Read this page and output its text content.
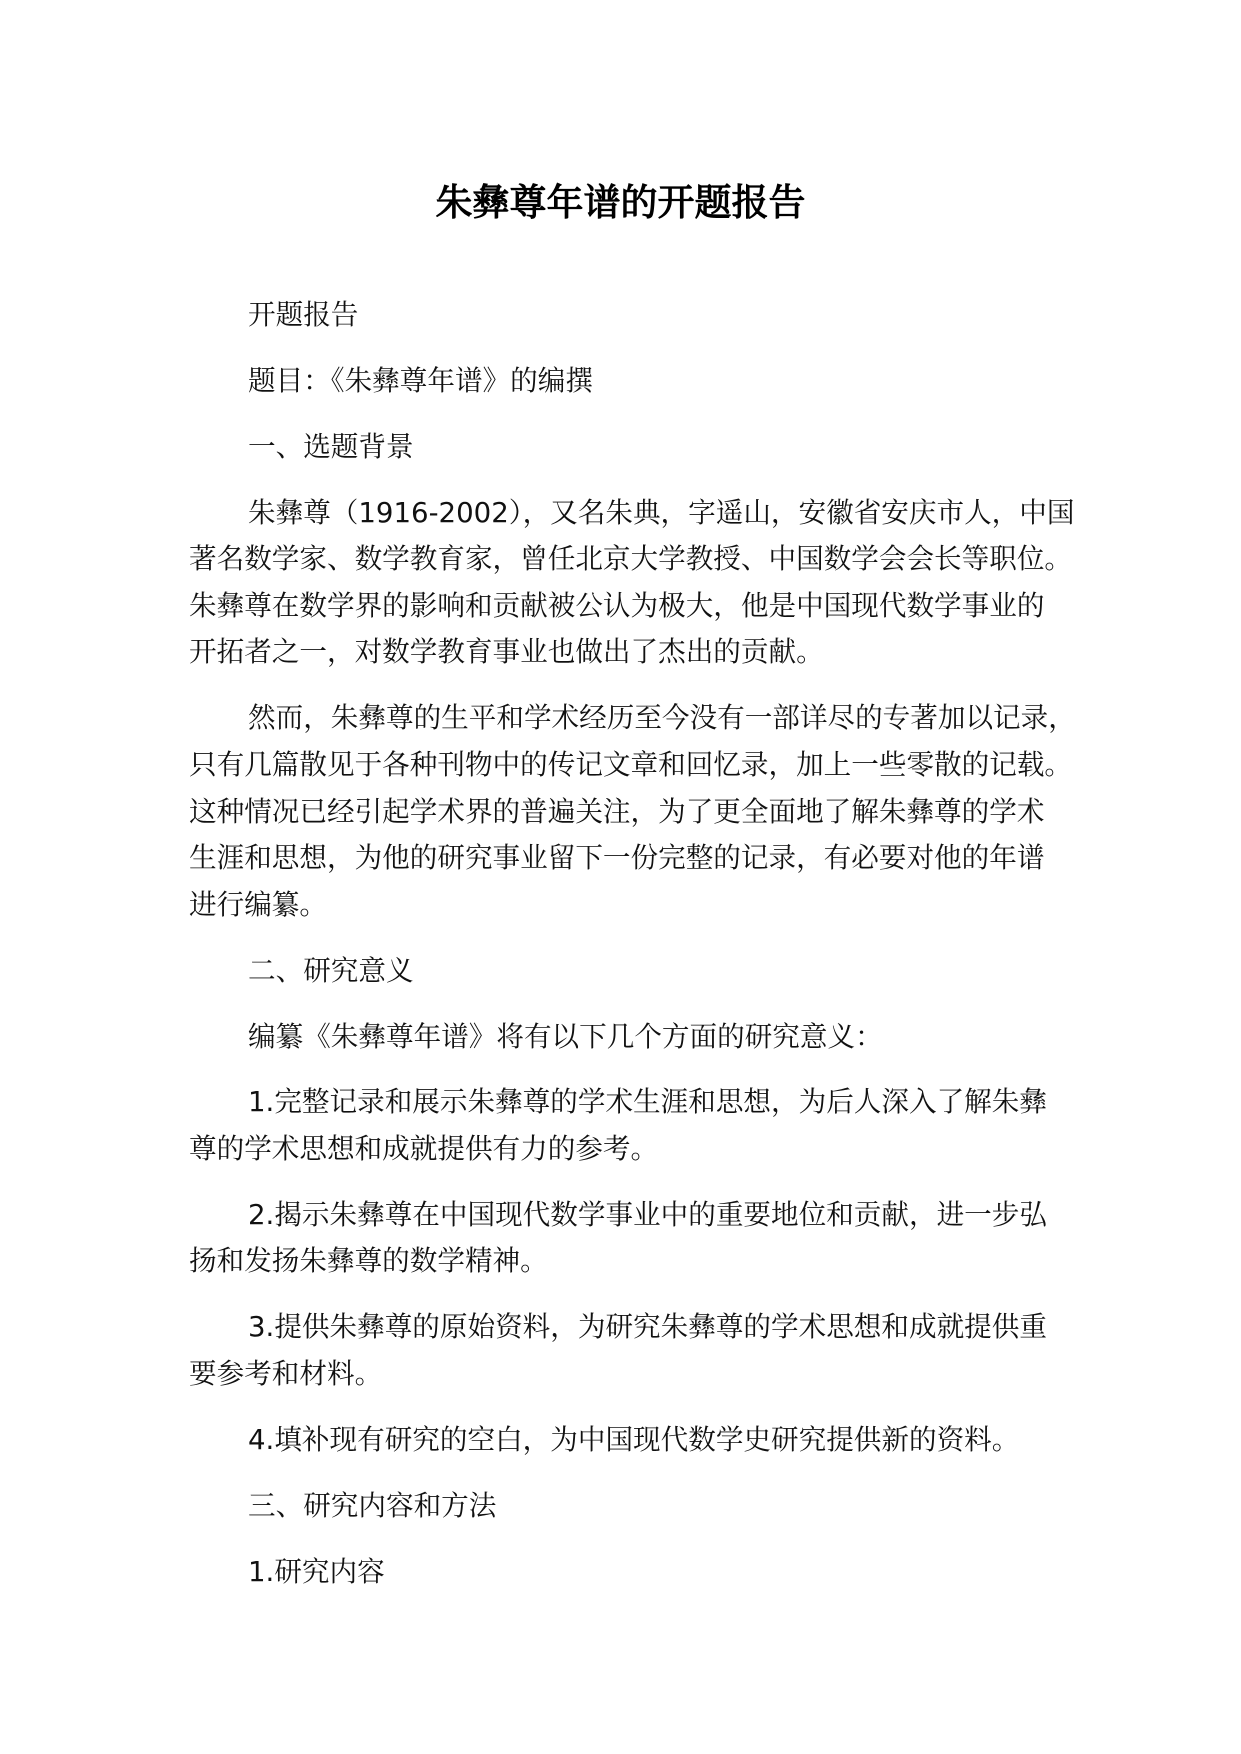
朱彝尊年谱的开题报告
开题报告
题目：《朱彝尊年谱》的编撰
一、选题背景
朱彝尊（1916-2002），又名朱典，字遥山，安徽省安庆市人，中国
著名数学家、数学教育家，曾任北京大学教授、中国数学会会长等职位。
朱彝尊在数学界的影响和贡献被公认为极大，他是中国现代数学事业的
开拓者之一，对数学教育事业也做出了杰出的贡献。
然而，朱彝尊的生平和学术经历至今没有一部详尽的专著加以记录，
只有几篇散见于各种刊物中的传记文章和回忆录，加上一些零散的记载。
这种情况已经引起学术界的普遍关注，为了更全面地了解朱彝尊的学术
生涯和思想，为他的研究事业留下一份完整的记录，有必要对他的年谱
进行编纂。
二、研究意义
编纂《朱彝尊年谱》将有以下几个方面的研究意义：
1.完整记录和展示朱彝尊的学术生涯和思想，为后人深入了解朱彝
尊的学术思想和成就提供有力的参考。
2.揭示朱彝尊在中国现代数学事业中的重要地位和贡献，进一步弘
扬和发扬朱彝尊的数学精神。
3.提供朱彝尊的原始资料，为研究朱彝尊的学术思想和成就提供重
要参考和材料。
4.填补现有研究的空白，为中国现代数学史研究提供新的资料。
三、研究内容和方法
1.研究内容
